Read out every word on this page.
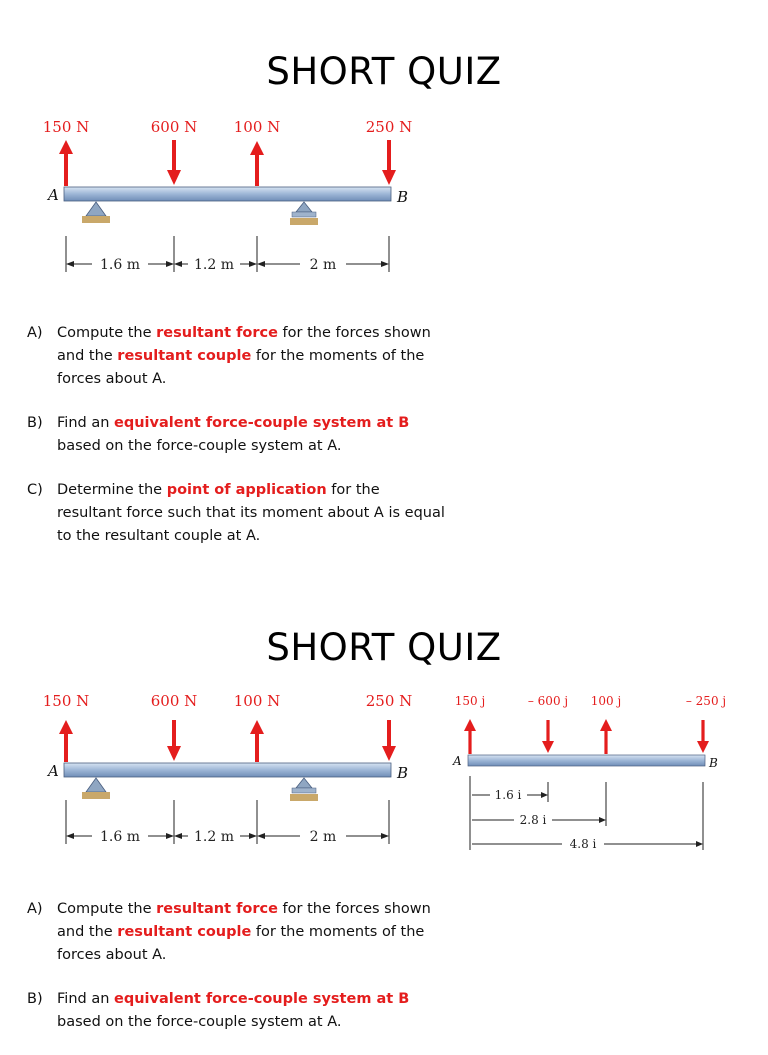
SHORT QUIZ
150 N	600 N 100 N	250 N
A	B
1.6 m	1.2 m	2 m
A) Compute the resultant force for the forces shown and the resultant couple for the moments of the forces about A.
B) Find an equivalent force-couple system at B based on the force-couple system at A.
C) Determine the point of application for the resultant force such that its moment about A is equal to the resultant couple at A.
SHORT QUIZ
150 N	600 N 100 N	250 N
A	B
1.6 m	1.2 m	2 m
150 j	– 600 j 100 j	– 250 j
A	B
1.6 i
2.8 i
4.8 i
A) Compute the resultant force for the forces shown and the resultant couple for the moments of the forces about A.
B) Find an equivalent force-couple system at B based on the force-couple system at A.
